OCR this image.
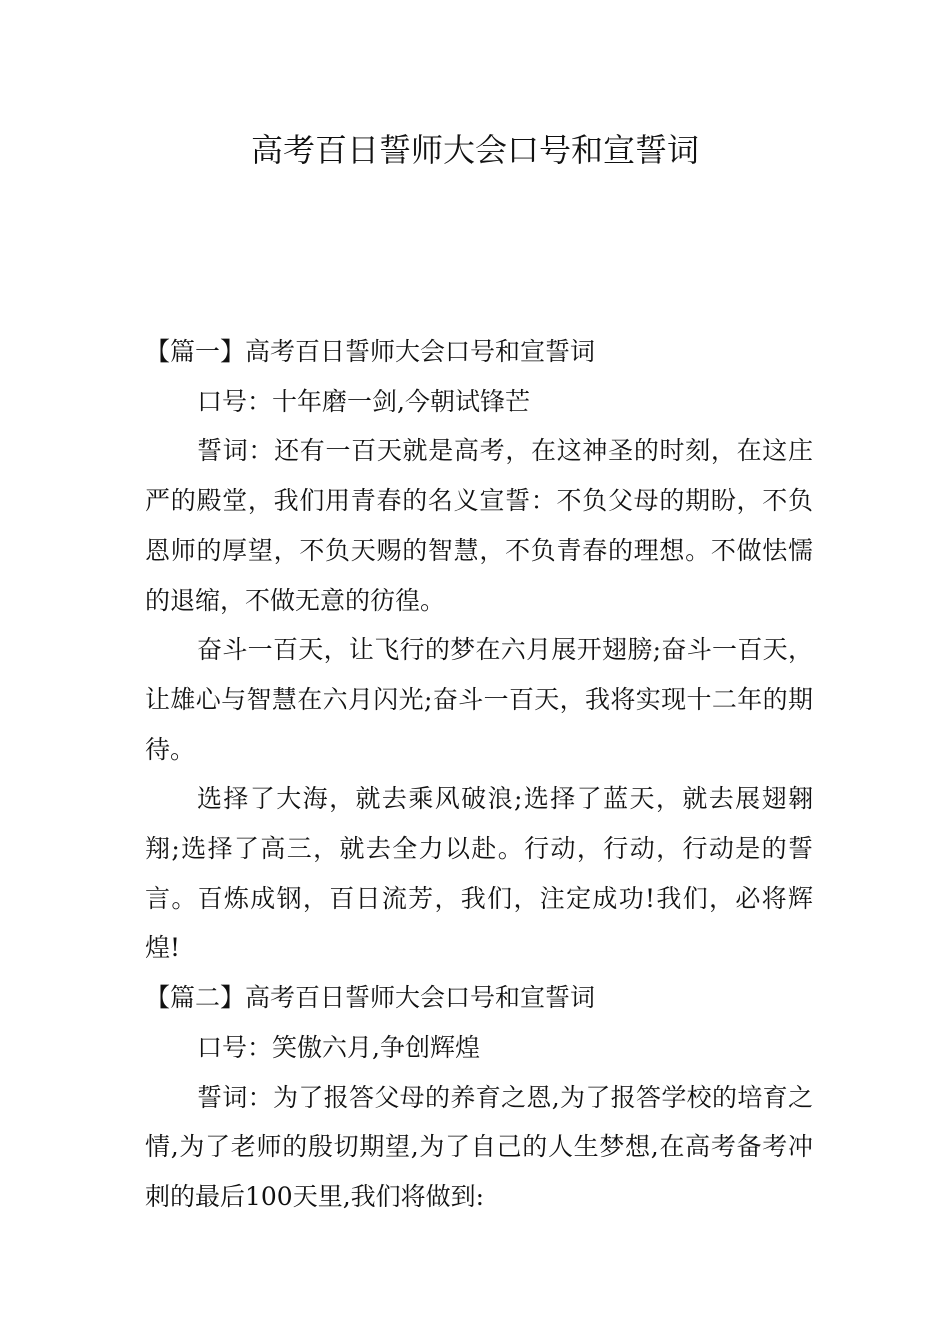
高考百日誓师大会口号和宣誓词

【篇一】高考百日誓师大会口号和宣誓词

口号：十年磨一剑,今朝试锋芒

誓词：还有一百天就是高考，在这神圣的时刻，在这庄严的殿堂，我们用青春的名义宣誓：不负父母的期盼，不负恩师的厚望，不负天赐的智慧，不负青春的理想。不做怯懦的退缩，不做无意的彷徨。

奋斗一百天，让飞行的梦在六月展开翅膀;奋斗一百天，让雄心与智慧在六月闪光;奋斗一百天，我将实现十二年的期待。

选择了大海，就去乘风破浪;选择了蓝天，就去展翅翱翔;选择了高三，就去全力以赴。行动，行动，行动是的誓言。百炼成钢，百日流芳，我们，注定成功!我们，必将辉煌!

【篇二】高考百日誓师大会口号和宣誓词

口号：笑傲六月,争创辉煌

誓词：为了报答父母的养育之恩,为了报答学校的培育之情,为了老师的殷切期望,为了自己的人生梦想,在高考备考冲刺的最后100天里,我们将做到:
